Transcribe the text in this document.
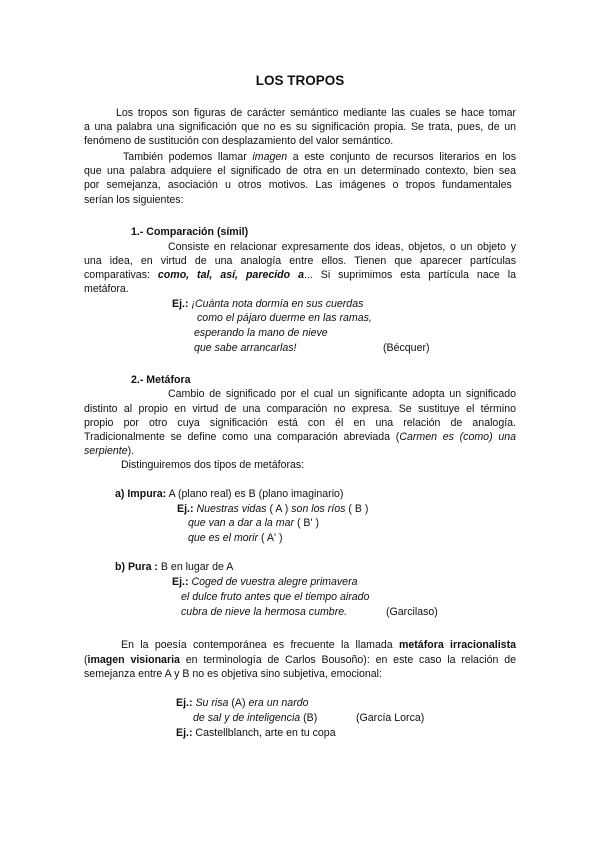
LOS TROPOS
Los tropos son figuras de carácter semántico mediante las cuales se hace tomar
a una palabra una significación que no es su significación propia. Se trata, pues, de un
fenómeno de sustitución con desplazamiento del valor semántico.
También podemos llamar imagen a este conjunto de recursos literarios en los
que una palabra adquiere el significado de otra en un determinado contexto, bien sea
por semejanza, asociación u otros motivos. Las imágenes o tropos fundamentales
serían los siguientes:
1.- Comparación (símil)
Consiste en relacionar expresamente dos ideas, objetos, o un objeto y
una idea, en virtud de una analogía entre ellos. Tienen que aparecer partículas
comparativas: como, tal, así, parecido a... Si suprimimos esta partícula nace la
metáfora.
Ej.: ¡Cuánta nota dormía en sus cuerdas
como el pájaro duerme en las ramas,
esperando la mano de nieve
que sabe arrancarlas!	(Bécquer)
2.- Metáfora
Cambio de significado por el cual un significante adopta un significado
distinto al propio en virtud de una comparación no expresa. Se sustituye el término
propio por otro cuya significación está con él en una relación de analogía.
Tradicionalmente se define como una comparación abreviada (Carmen es (como) una
serpiente).
Distinguiremos dos tipos de metáforas:
a) Impura: A (plano real) es B (plano imaginario)
Ej.: Nuestras vidas ( A ) son los ríos ( B )
que van a dar a la mar ( B' )
que es el morir ( A' )
b) Pura : B en lugar de A
Ej.: Coged de vuestra alegre primavera
el dulce fruto antes que el tiempo airado
cubra de nieve la hermosa cumbre.	(Garcilaso)
En la poesía contemporánea es frecuente la llamada metáfora irracionalista
(imagen visionaria en terminología de Carlos Bousoño): en este caso la relación de
semejanza entre A y B no es objetiva sino subjetiva, emocional:
Ej.: Su risa (A) era un nardo
de sal y de inteligencia (B)	(García Lorca)
Ej.: Castellblanch, arte en tu copa
